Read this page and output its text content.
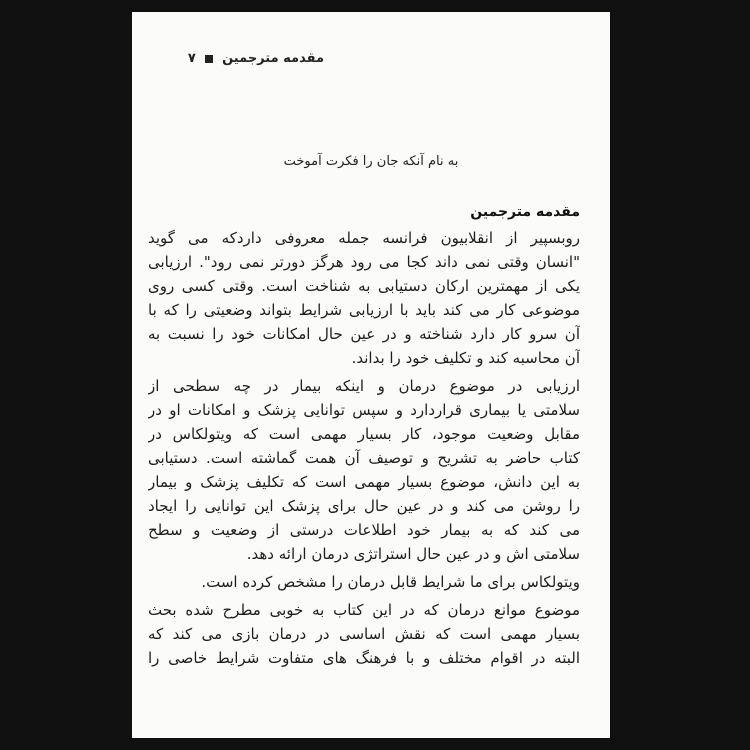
مقدمه مترجمین  ۷
به نام آنکه جان را فکرت آموخت
مقدمه مترجمین
روبسپیر از انقلابیون فرانسه جمله معروفی داردکه می گوید
"انسان وقتی نمی داند کجا می رود هرگز دورتر نمی رود". ارزیابی
یکی از مهمترین ارکان دستیابی به شناخت است. وقتی کسی روی
موضوعی کار می کند باید با ارزیابی شرایط بتواند وضعیتی را که با
آن سرو کار دارد شناخته و در عین حال امکانات خود را نسبت به
آن محاسبه کند و تکلیف خود را بداند.
ارزیابی در موضوع درمان و اینکه بیمار در چه سطحی از
سلامتی یا بیماری قراردارد و سپس توانایی پزشک و امکانات او در
مقابل وضعیت موجود، کار بسیار مهمی است که ویتولکاس در
کتاب حاضر به تشریح و توصیف آن همت گماشته است. دستیابی
به این دانش، موضوع بسیار مهمی است که تکلیف پزشک و بیمار
را روشن می کند و در عین حال برای پزشک این توانایی را ایجاد
می کند که به بیمار خود اطلاعات درستی از وضعیت و سطح
سلامتی اش و در عین حال استراتژی درمان ارائه دهد.
ویتولکاس برای ما شرایط قابل درمان را مشخص کرده است.
موضوع موانع درمان که در این کتاب به خوبی مطرح شده بحث
بسیار مهمی است که نقش اساسی در درمان بازی می کند که
البته در اقوام مختلف و با فرهنگ های متفاوت شرایط خاصی را
